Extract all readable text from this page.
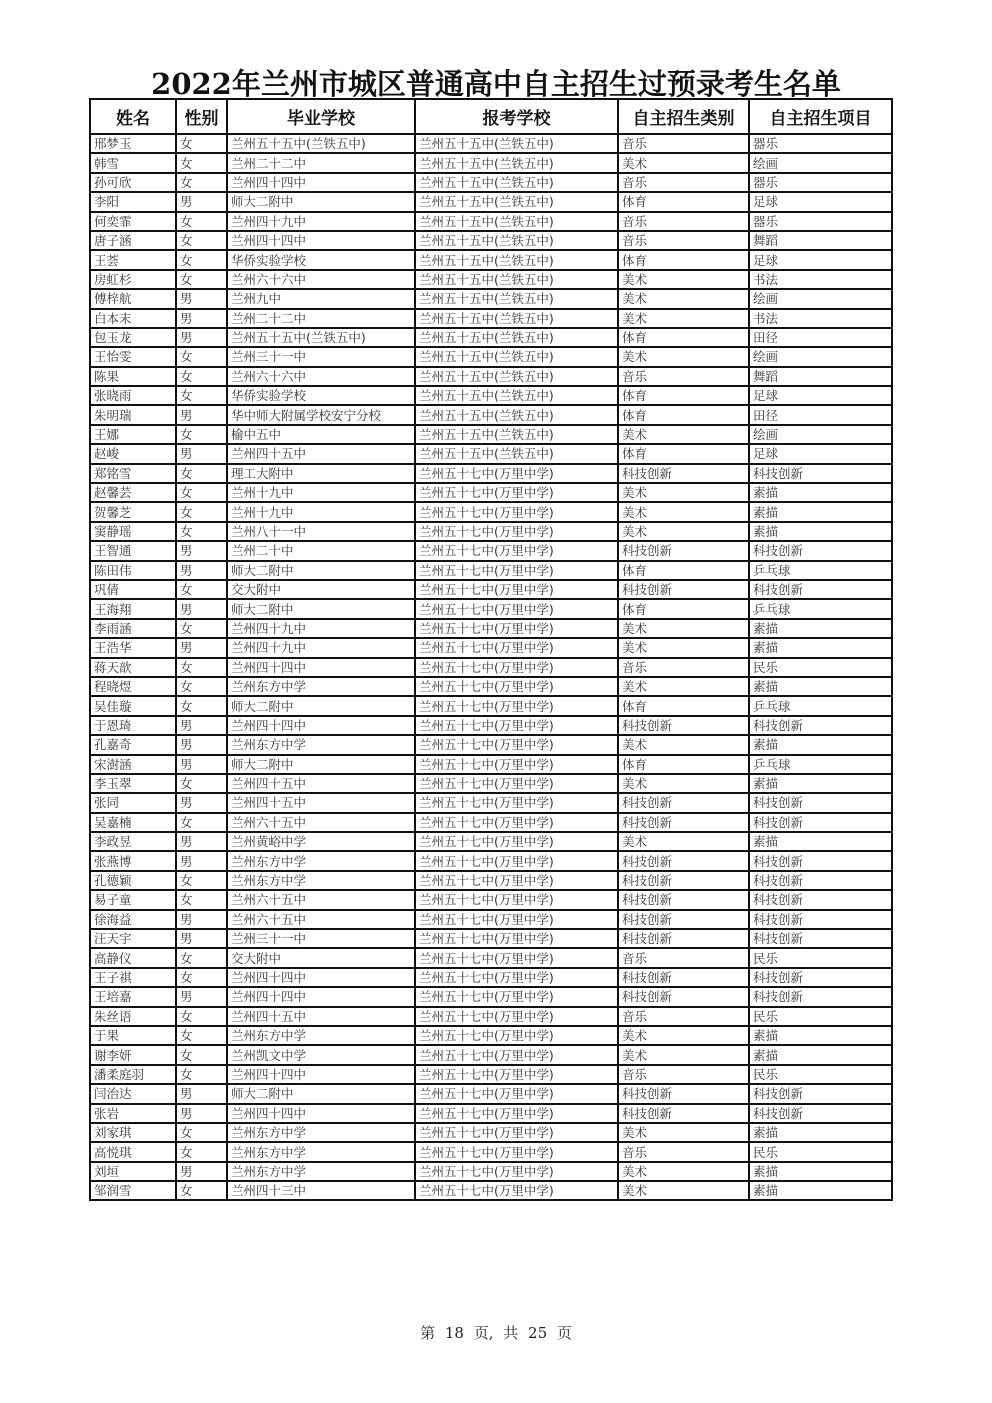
2022年兰州市城区普通高中自主招生过预录考生名单
姓名	性别	毕业学校	报考学校	自主招生类别	自主招生项目
邢梦玉	女	兰州五十五中(兰铁五中)	兰州五十五中(兰铁五中)	音乐	器乐
韩雪	女	兰州二十二中	兰州五十五中(兰铁五中)	美术	绘画
孙可欣	女	兰州四十四中	兰州五十五中(兰铁五中)	音乐	器乐
李阳	男	师大二附中	兰州五十五中(兰铁五中)	体育	足球
何奕霏	女	兰州四十九中	兰州五十五中(兰铁五中)	音乐	器乐
唐子涵	女	兰州四十四中	兰州五十五中(兰铁五中)	音乐	舞蹈
王荟	女	华侨实验学校	兰州五十五中(兰铁五中)	体育	足球
房虹杉	女	兰州六十六中	兰州五十五中(兰铁五中)	美术	书法
傅梓航	男	兰州九中	兰州五十五中(兰铁五中)	美术	绘画
白本末	男	兰州二十二中	兰州五十五中(兰铁五中)	美术	书法
包玉龙	男	兰州五十五中(兰铁五中)	兰州五十五中(兰铁五中)	体育	田径
王怡雯	女	兰州三十一中	兰州五十五中(兰铁五中)	美术	绘画
陈果	女	兰州六十六中	兰州五十五中(兰铁五中)	音乐	舞蹈
张晓雨	女	华侨实验学校	兰州五十五中(兰铁五中)	体育	足球
朱明瑞	男	华中师大附属学校安宁分校	兰州五十五中(兰铁五中)	体育	田径
王娜	女	榆中五中	兰州五十五中(兰铁五中)	美术	绘画
赵峻	男	兰州四十五中	兰州五十五中(兰铁五中)	体育	足球
郑铭雪	女	理工大附中	兰州五十七中(万里中学)	科技创新	科技创新
赵馨芸	女	兰州十九中	兰州五十七中(万里中学)	美术	素描
贺馨芝	女	兰州十九中	兰州五十七中(万里中学)	美术	素描
窦静瑶	女	兰州八十一中	兰州五十七中(万里中学)	美术	素描
王智通	男	兰州二十中	兰州五十七中(万里中学)	科技创新	科技创新
陈田伟	男	师大二附中	兰州五十七中(万里中学)	体育	乒乓球
巩倩	女	交大附中	兰州五十七中(万里中学)	科技创新	科技创新
王海翔	男	师大二附中	兰州五十七中(万里中学)	体育	乒乓球
李雨涵	女	兰州四十九中	兰州五十七中(万里中学)	美术	素描
王浩华	男	兰州四十九中	兰州五十七中(万里中学)	美术	素描
蒋天歆	女	兰州四十四中	兰州五十七中(万里中学)	音乐	民乐
程晓煜	女	兰州东方中学	兰州五十七中(万里中学)	美术	素描
吴佳璇	女	师大二附中	兰州五十七中(万里中学)	体育	乒乓球
于恩琦	男	兰州四十四中	兰州五十七中(万里中学)	科技创新	科技创新
孔嘉奇	男	兰州东方中学	兰州五十七中(万里中学)	美术	素描
宋澍涵	男	师大二附中	兰州五十七中(万里中学)	体育	乒乓球
李玉翠	女	兰州四十五中	兰州五十七中(万里中学)	美术	素描
张同	男	兰州四十五中	兰州五十七中(万里中学)	科技创新	科技创新
吴嘉楠	女	兰州六十五中	兰州五十七中(万里中学)	科技创新	科技创新
李政昱	男	兰州黄峪中学	兰州五十七中(万里中学)	美术	素描
张燕博	男	兰州东方中学	兰州五十七中(万里中学)	科技创新	科技创新
孔德颖	女	兰州东方中学	兰州五十七中(万里中学)	科技创新	科技创新
易子童	女	兰州六十五中	兰州五十七中(万里中学)	科技创新	科技创新
徐海益	男	兰州六十五中	兰州五十七中(万里中学)	科技创新	科技创新
汪天宇	男	兰州三十一中	兰州五十七中(万里中学)	科技创新	科技创新
高静仪	女	交大附中	兰州五十七中(万里中学)	音乐	民乐
王子祺	女	兰州四十四中	兰州五十七中(万里中学)	科技创新	科技创新
王培嘉	男	兰州四十四中	兰州五十七中(万里中学)	科技创新	科技创新
朱丝语	女	兰州四十五中	兰州五十七中(万里中学)	音乐	民乐
于果	女	兰州东方中学	兰州五十七中(万里中学)	美术	素描
谢李妍	女	兰州凯文中学	兰州五十七中(万里中学)	美术	素描
潘柔庭羽	女	兰州四十四中	兰州五十七中(万里中学)	音乐	民乐
闫治达	男	师大二附中	兰州五十七中(万里中学)	科技创新	科技创新
张岩	男	兰州四十四中	兰州五十七中(万里中学)	科技创新	科技创新
刘家琪	女	兰州东方中学	兰州五十七中(万里中学)	美术	素描
高悦琪	女	兰州东方中学	兰州五十七中(万里中学)	音乐	民乐
刘垣	男	兰州东方中学	兰州五十七中(万里中学)	美术	素描
邹润雪	女	兰州四十三中	兰州五十七中(万里中学)	美术	素描
第 18 页, 共 25 页
